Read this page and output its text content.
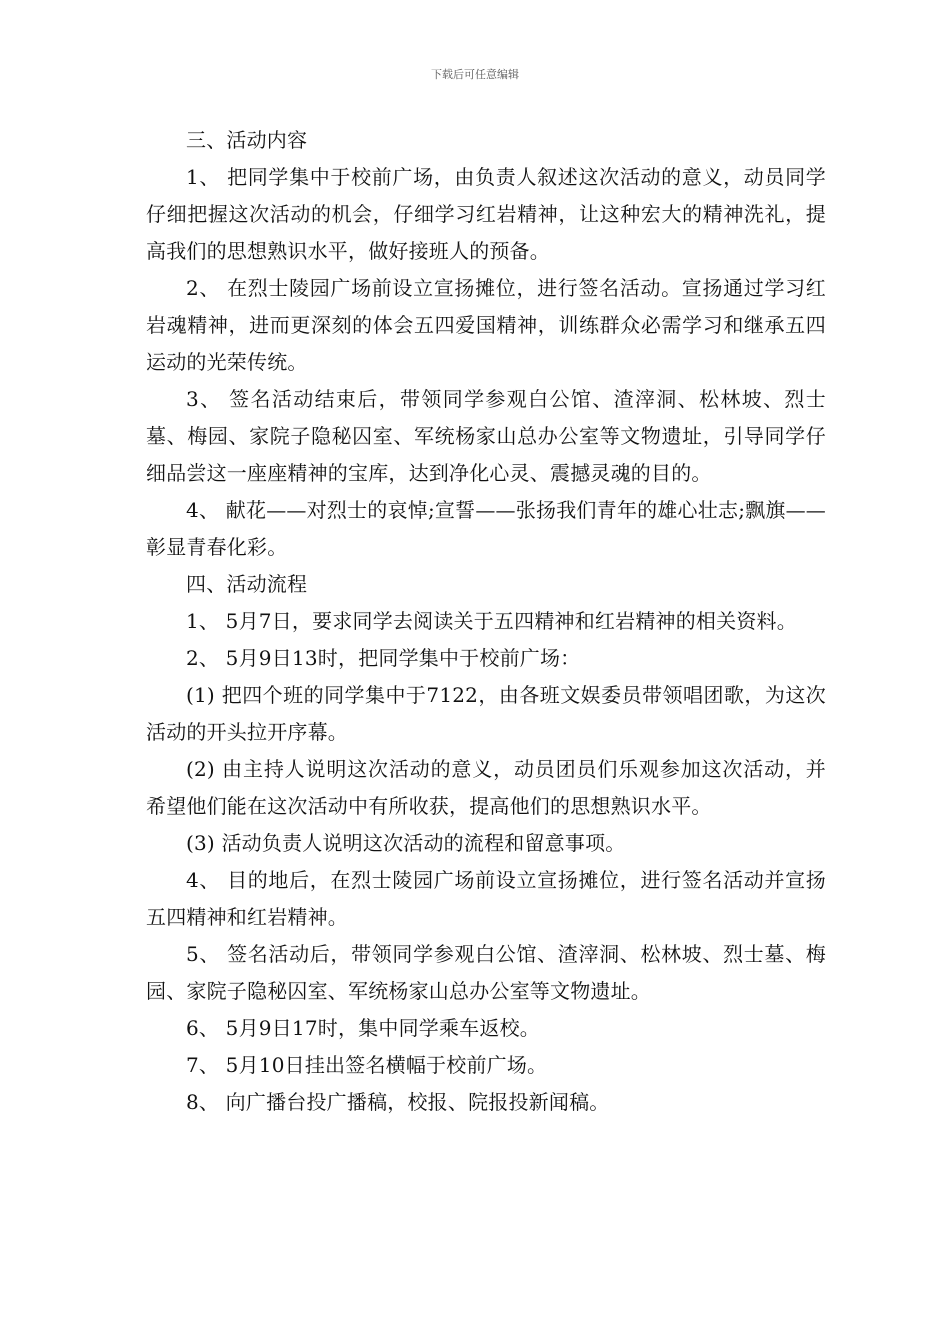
下载后可任意编辑

三、活动内容

1、 把同学集中于校前广场，由负责人叙述这次活动的意义，动员同学仔细把握这次活动的机会，仔细学习红岩精神，让这种宏大的精神洗礼，提高我们的思想熟识水平，做好接班人的预备。

2、 在烈士陵园广场前设立宣扬摊位，进行签名活动。宣扬通过学习红岩魂精神，进而更深刻的体会五四爱国精神，训练群众必需学习和继承五四运动的光荣传统。

3、 签名活动结束后，带领同学参观白公馆、渣滓洞、松林坡、烈士墓、梅园、家院子隐秘囚室、军统杨家山总办公室等文物遗址，引导同学仔细品尝这一座座精神的宝库，达到净化心灵、震撼灵魂的目的。

4、 献花——对烈士的哀悼;宣誓——张扬我们青年的雄心壮志;飘旗——彰显青春化彩。

四、活动流程

1、 5月7日，要求同学去阅读关于五四精神和红岩精神的相关资料。

2、 5月9日13时，把同学集中于校前广场：

(1) 把四个班的同学集中于7122，由各班文娱委员带领唱团歌，为这次活动的开头拉开序幕。

(2) 由主持人说明这次活动的意义，动员团员们乐观参加这次活动，并希望他们能在这次活动中有所收获，提高他们的思想熟识水平。

(3) 活动负责人说明这次活动的流程和留意事项。

4、 目的地后，在烈士陵园广场前设立宣扬摊位，进行签名活动并宣扬五四精神和红岩精神。

5、 签名活动后，带领同学参观白公馆、渣滓洞、松林坡、烈士墓、梅园、家院子隐秘囚室、军统杨家山总办公室等文物遗址。

6、 5月9日17时，集中同学乘车返校。

7、 5月10日挂出签名横幅于校前广场。

8、 向广播台投广播稿，校报、院报投新闻稿。
